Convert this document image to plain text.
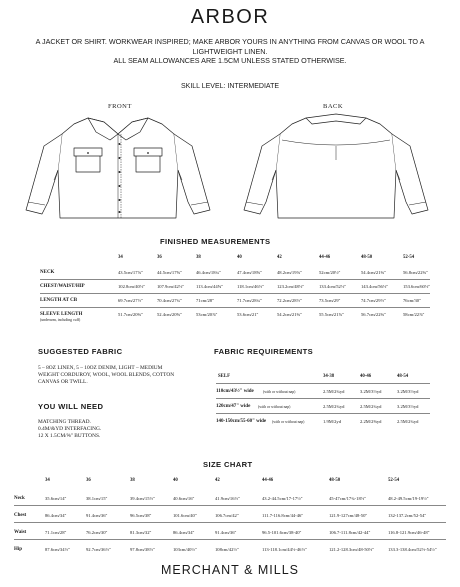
ARBOR
A JACKET OR SHIRT. WORKWEAR INSPIRED; MAKE ARBOR YOURS IN ANYTHING FROM CANVAS OR WOOL TO A
LIGHTWEIGHT LINEN.
ALL SEAM ALLOWANCES ARE 1.5CM UNLESS STATED OTHERWISE.
SKILL LEVEL: INTERMEDIATE
FRONT	BACK
FINISHED MEASUREMENTS
34	36	38	40	42	44-46	48-50	52-54
NECK	43.5cm/17⅛"	44.5cm/17⅝"	46.4cm/18¼"	47.4cm/18⅝"	48.2cm/19⅛"	52cm/20½"	54.4cm/21⅜"	56.8cm/22⅜"
CHEST/WAIST/HIP	102.8cm/40½"	107.9cm/42½"	113.4cm/44⅝"	118.1cm/46½"	123.2cm/48½"	133.4cm/52½"	143.4cm/56½"	153.6cm/60½"
LENGTH AT CB	69.7cm/27½"	70.4cm/27¾"	71cm/28"	71.7cm/28¼"	72.2cm/28½"	73.5cm/29"	74.7cm/29½"	76cm/30"
SLEEVE LENGTH
(underarm, including cuff)
51.7cm/20⅜"	52.4cm/20⅝"	53cm/20⅞"	53.6cm/21"	54.2cm/21⅜"	55.5cm/21⅞"	56.7cm/22⅜"	58cm/22⅞"
SUGGESTED FABRIC
5 – 8OZ LINEN, 5 – 10OZ DENIM, LIGHT – MEDIUM
WEIGHT CORDUROY, WOOL, WOOL BLENDS, COTTON
CANVAS OR TWILL.
YOU WILL NEED
MATCHING THREAD.
0.4M/&YD INTERFACING.
12 X 1.5CM/⅝" BUTTONS.
FABRIC REQUIREMENTS
SELF	34-38	40-46	48-54
110cm/43½" wide (with or without nap)	2.5M/2¾yd	3.2M/3½yd	3.2M/3½yd
120cm/47" wide (with or without nap)	2.5M/2¾yd	2.5M/2¾yd	3.2M/3½yd
140-150cm/55-60" wide (with or without nap)	1.9M/2yd	2.2M/2⅜yd	2.5M/2¾yd
SIZE CHART
34	36	38	40	42	44-46	48-50	52-54
Neck	35.6cm/14"	38.1cm/15"	39.4cm/15½"	40.6cm/16"	41.9cm/16½"	43.2-44.5cm/17-17½"	45-47cm/17¾-18½"	48.2-49.5cm/19-19½"
Chest	86.4cm/34"	91.4cm/36"	96.5cm/38"	101.6cm/40"	106.7cm/42"	111.7-116.8cm/44-46"	121.9-127cm/48-50"	132-137.2cm/52-54"
Waist	71.1cm/28"	76.2cm/30"	81.3cm/32"	86.4cm/34"	91.4cm/36"	96.5-101.6cm/38-40"	106.7-111.8cm/42-44"	116.8-121.9cm/46-48"
Hip	87.6cm/34½"	92.7cm/36½"	97.8cm/38½"	103cm/40½"	108cm/42½"	113-118.1cm/44½-46½"	121.2-128.3cm/48-50½"	133.3-138.4cm/52½-54½"
MERCHANT & MILLS
